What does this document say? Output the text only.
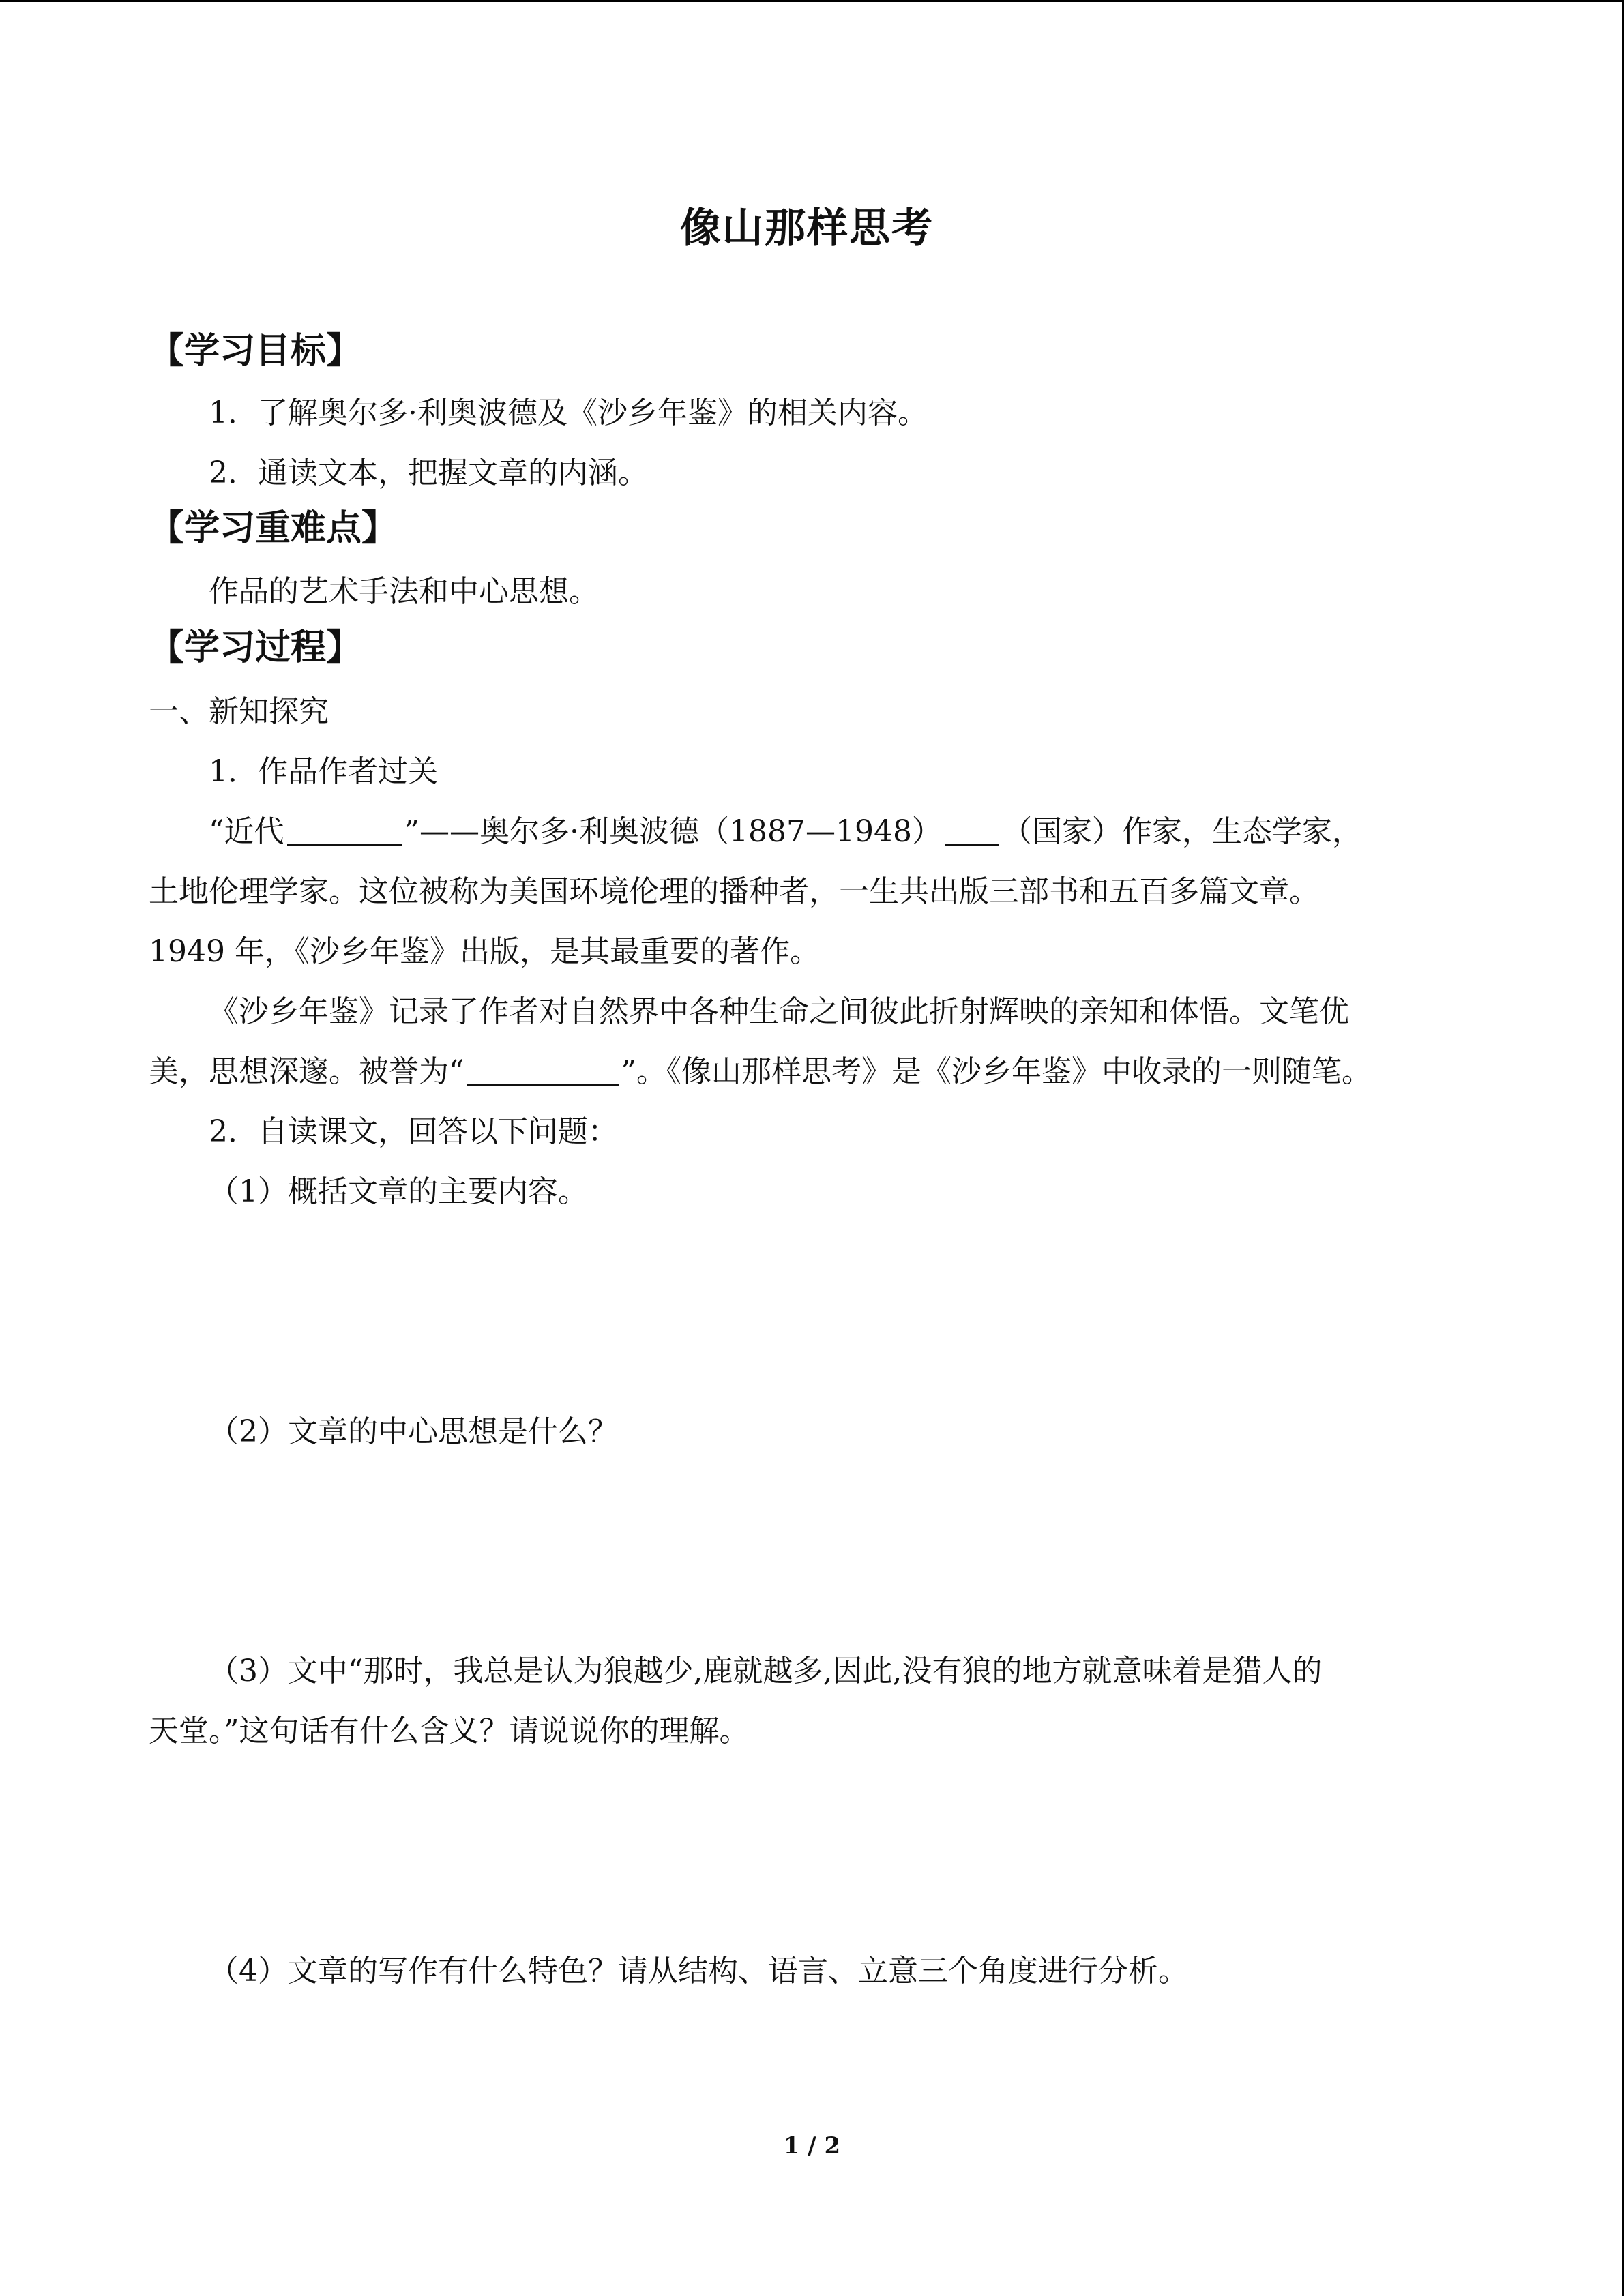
像山那样思考
【学习目标】
1．了解奥尔多·利奥波德及《沙乡年鉴》的相关内容。
2．通读文本，把握文章的内涵。
【学习重难点】
作品的艺术手法和中心思想。
【学习过程】
一、新知探究
1．作品作者过关
“近代	”——奥尔多·利奥波德（1887—1948） （国家）作家，生态学家，
土地伦理学家。这位被称为美国环境伦理的播种者，一生共出版三部书和五百多篇文章。
1949 年，《沙乡年鉴》出版，是其最重要的著作。
《沙乡年鉴》记录了作者对自然界中各种生命之间彼此折射辉映的亲知和体悟。文笔优
美，思想深邃。被誉为“	”。《像山那样思考》是《沙乡年鉴》中收录的一则随笔。
2．自读课文，回答以下问题：
（1）概括文章的主要内容。
（2）文章的中心思想是什么？
（3）文中“那时，我总是认为狼越少,鹿就越多,因此,没有狼的地方就意味着是猎人的
天堂。”这句话有什么含义？请说说你的理解。
（4）文章的写作有什么特色？请从结构、语言、立意三个角度进行分析。
1 / 2
